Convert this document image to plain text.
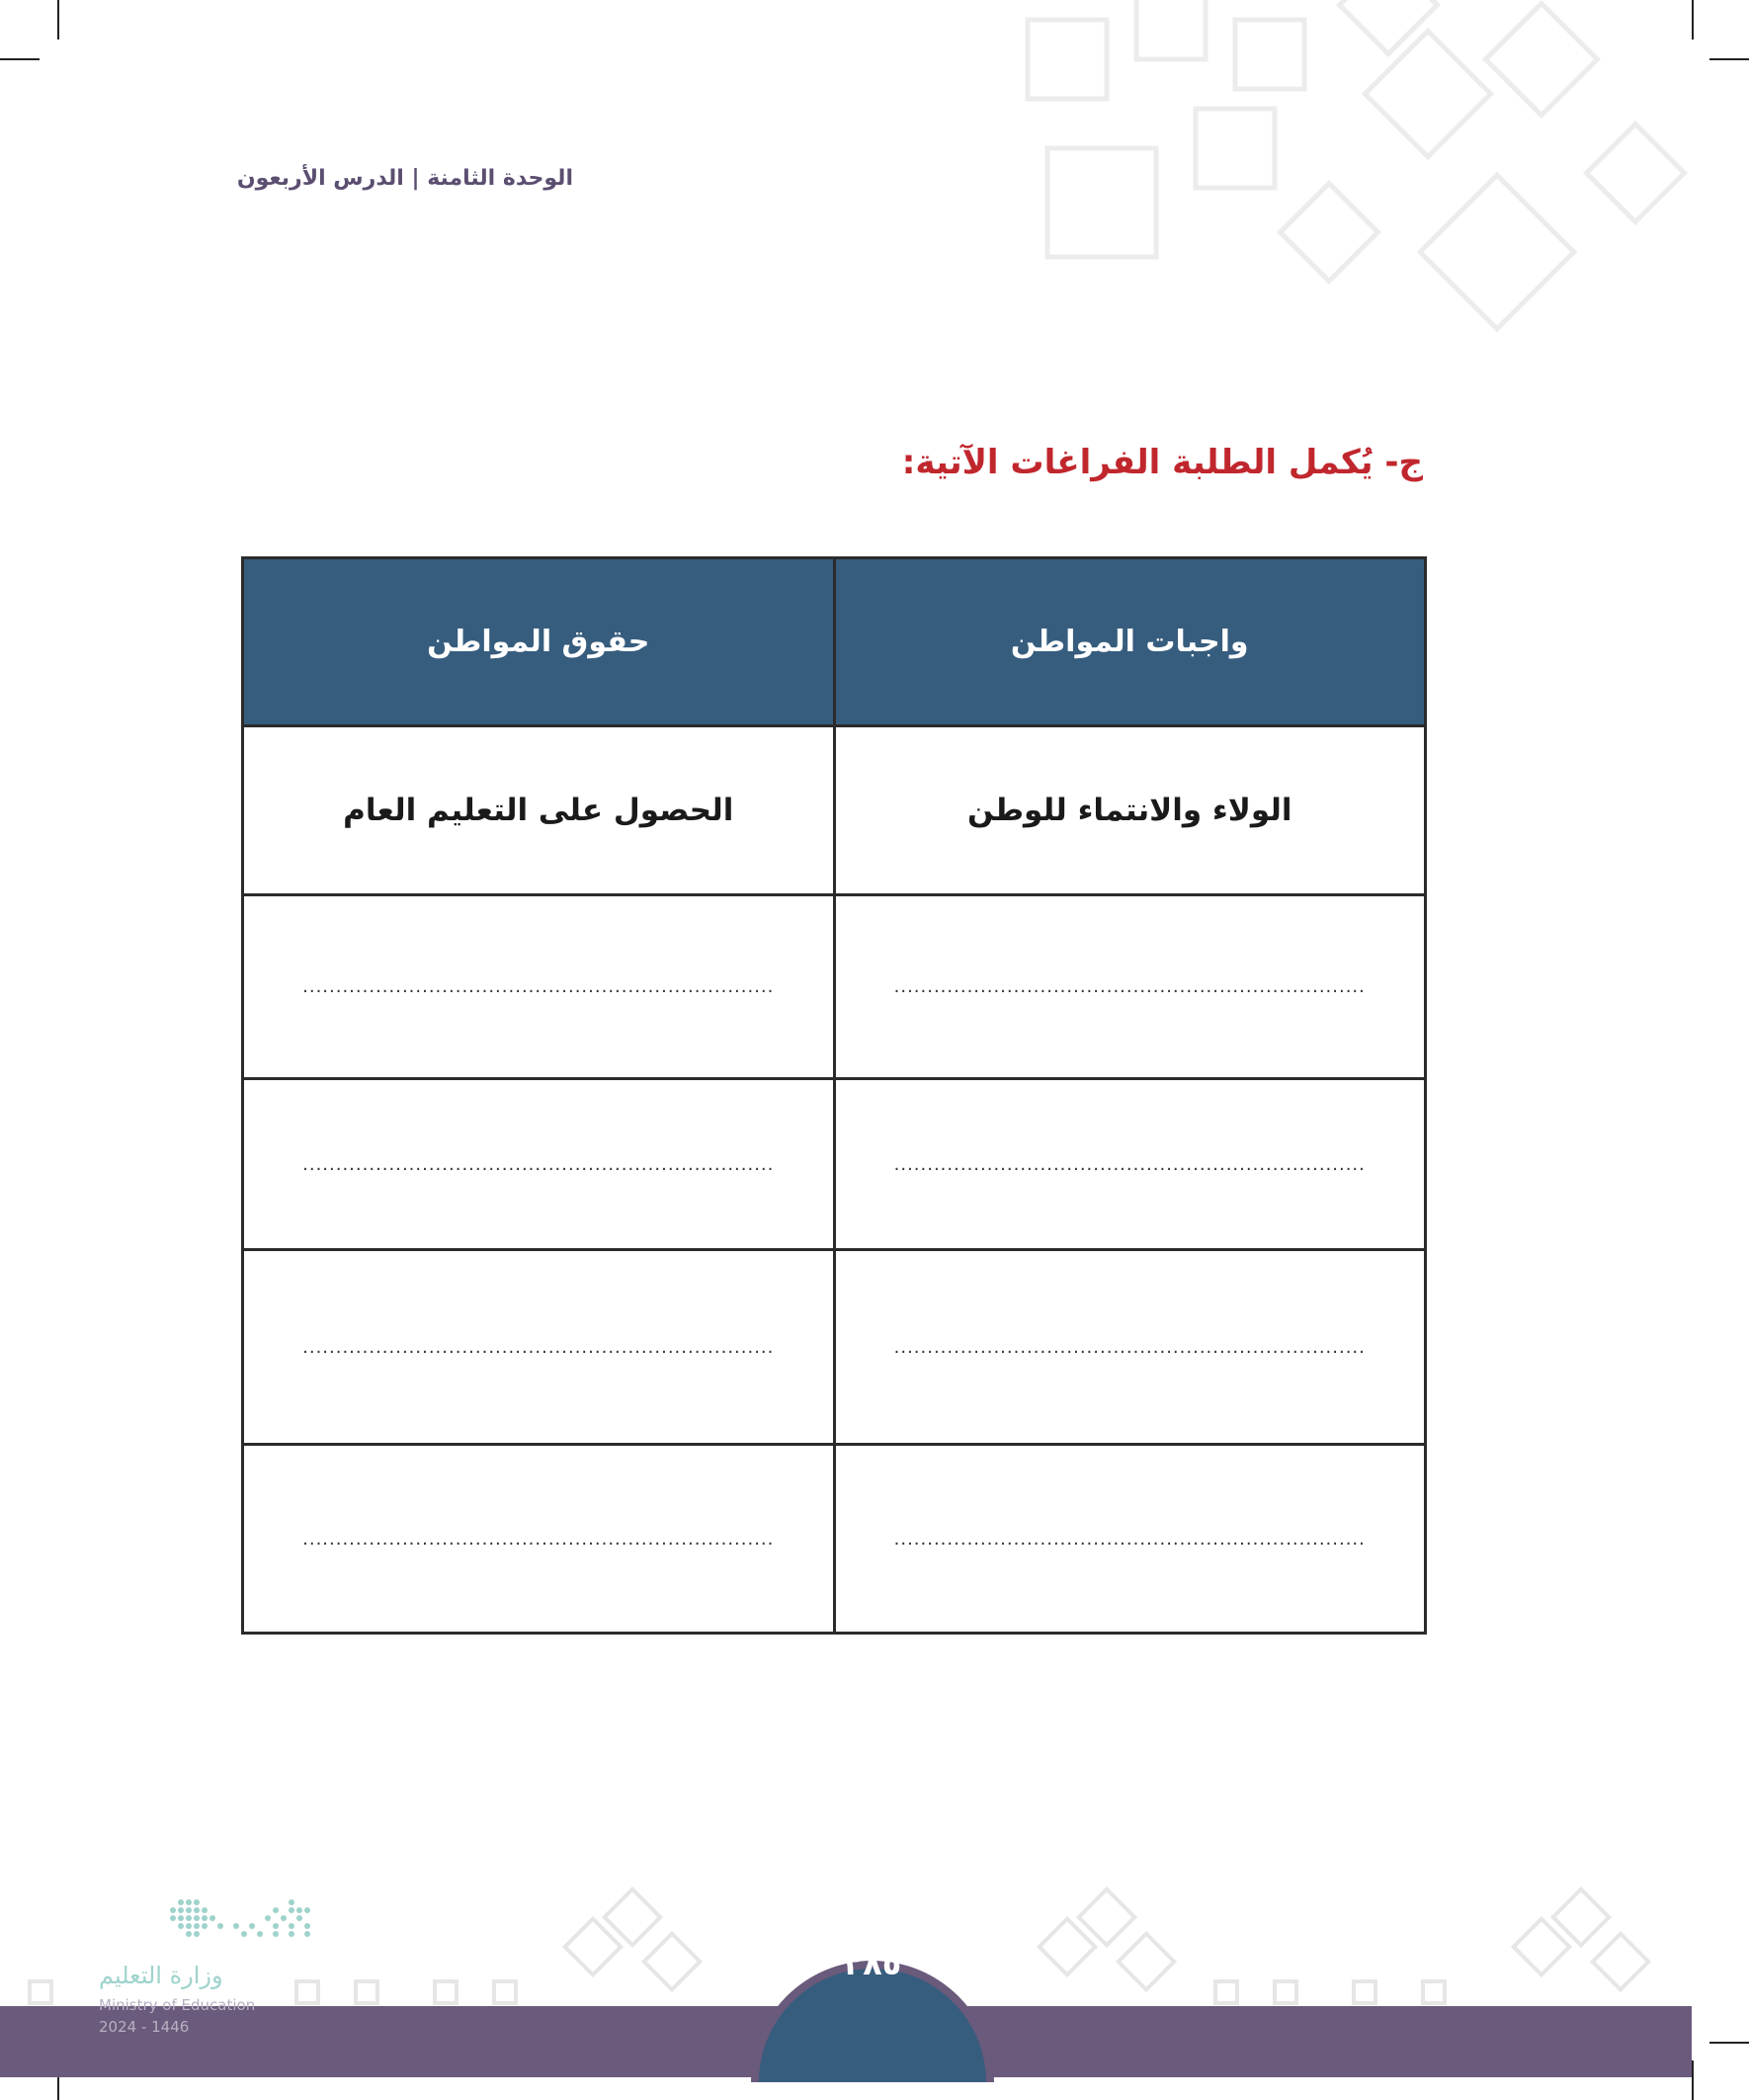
الوحدة الثامنة | الدرس الأربعون
ج- يُكمل الطلبة الفراغات الآتية:
واجبات المواطن	حقوق المواطن
الولاء والانتماء للوطن	الحصول على التعليم العام
.......................................................................	.......................................................................
.......................................................................	.......................................................................
.......................................................................	.......................................................................
.......................................................................	.......................................................................
٢٨٥
وزارة التعليم
Ministry of Education
2024 - 1446
